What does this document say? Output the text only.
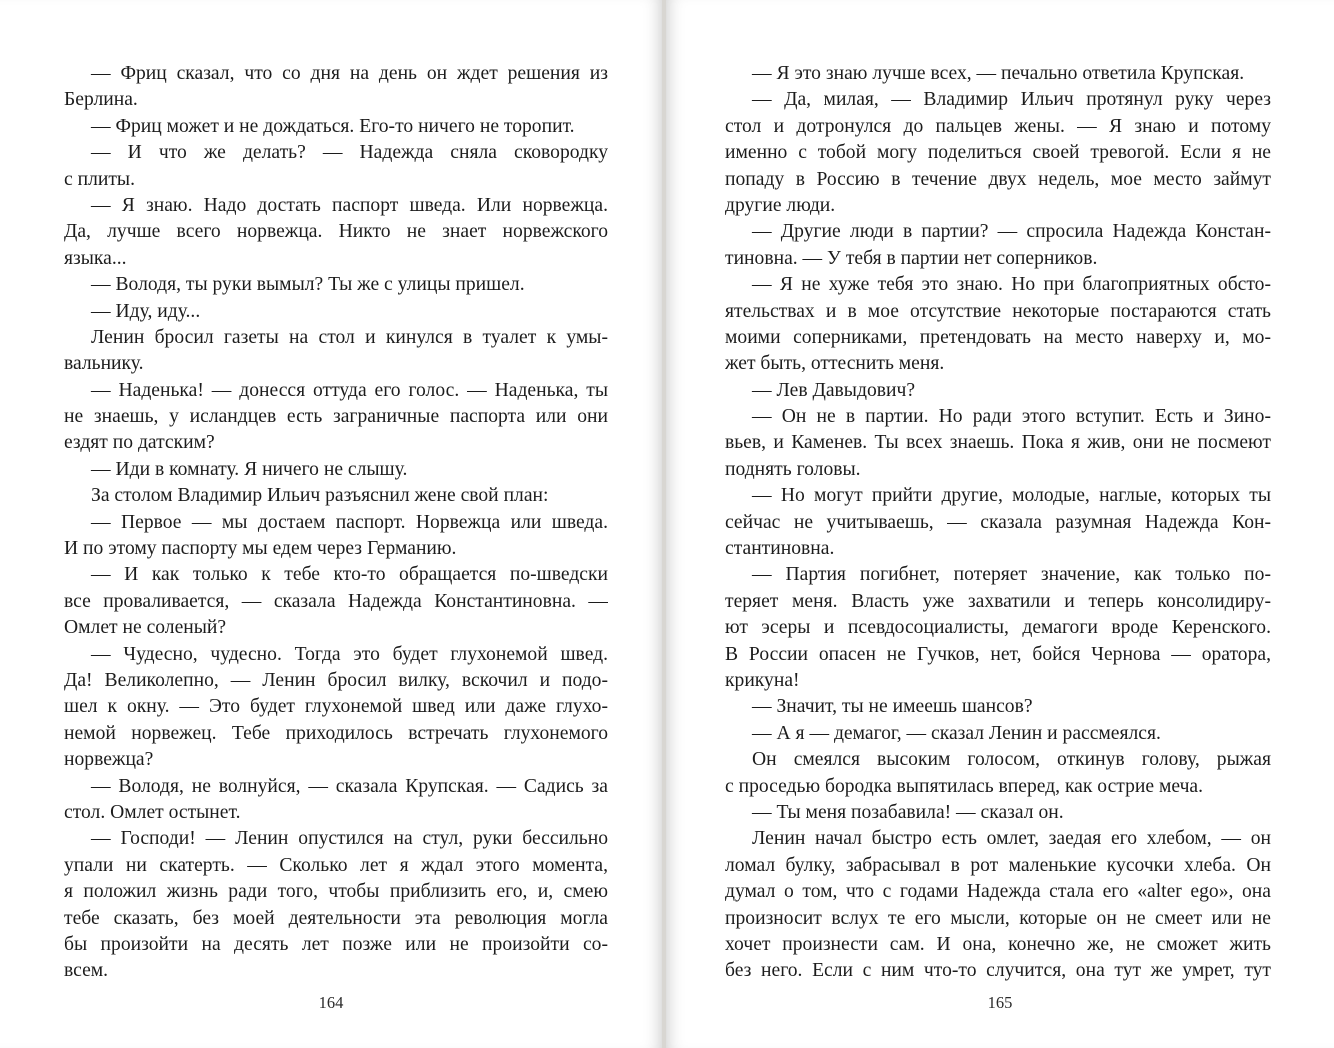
— Фриц сказал, что со дня на день он ждет решения из
Берлина.
— Фриц может и не дождаться. Его-то ничего не торопит.
— И что же делать? — Надежда сняла сковородку
с плиты.
— Я знаю. Надо достать паспорт шведа. Или норвежца.
Да, лучше всего норвежца. Никто не знает норвежского
языка...
— Володя, ты руки вымыл? Ты же с улицы пришел.
— Иду, иду...
Ленин бросил газеты на стол и кинулся в туалет к умы-
вальнику.
— Наденька! — донесся оттуда его голос. — Наденька, ты
не знаешь, у исландцев есть заграничные паспорта или они
ездят по датским?
— Иди в комнату. Я ничего не слышу.
За столом Владимир Ильич разъяснил жене свой план:
— Первое — мы достаем паспорт. Норвежца или шведа.
И по этому паспорту мы едем через Германию.
— И как только к тебе кто-то обращается по-шведски
все проваливается, — сказала Надежда Константиновна. —
Омлет не соленый?
— Чудесно, чудесно. Тогда это будет глухонемой швед.
Да! Великолепно, — Ленин бросил вилку, вскочил и подо-
шел к окну. — Это будет глухонемой швед или даже глухо-
немой норвежец. Тебе приходилось встречать глухонемого
норвежца?
— Володя, не волнуйся, — сказала Крупская. — Садись за
стол. Омлет остынет.
— Господи! — Ленин опустился на стул, руки бессильно
упали ни скатерть. — Сколько лет я ждал этого момента,
я положил жизнь ради того, чтобы приблизить его, и, смею
тебе сказать, без моей деятельности эта революция могла
бы произойти на десять лет позже или не произойти со-
всем.
164
— Я это знаю лучше всех, — печально ответила Крупская.
— Да, милая, — Владимир Ильич протянул руку через
стол и дотронулся до пальцев жены. — Я знаю и потому
именно с тобой могу поделиться своей тревогой. Если я не
попаду в Россию в течение двух недель, мое место займут
другие люди.
— Другие люди в партии? — спросила Надежда Констан-
тиновна. — У тебя в партии нет соперников.
— Я не хуже тебя это знаю. Но при благоприятных обсто-
ятельствах и в мое отсутствие некоторые постараются стать
моими соперниками, претендовать на место наверху и, мо-
жет быть, оттеснить меня.
— Лев Давыдович?
— Он не в партии. Но ради этого вступит. Есть и Зино-
вьев, и Каменев. Ты всех знаешь. Пока я жив, они не посмеют
поднять головы.
— Но могут прийти другие, молодые, наглые, которых ты
сейчас не учитываешь, — сказала разумная Надежда Кон-
стантиновна.
— Партия погибнет, потеряет значение, как только по-
теряет меня. Власть уже захватили и теперь консолидиру-
ют эсеры и псевдосоциалисты, демагоги вроде Керенского.
В России опасен не Гучков, нет, бойся Чернова — оратора,
крикуна!
— Значит, ты не имеешь шансов?
— А я — демагог, — сказал Ленин и рассмеялся.
Он смеялся высоким голосом, откинув голову, рыжая
с проседью бородка выпятилась вперед, как острие меча.
— Ты меня позабавила! — сказал он.
Ленин начал быстро есть омлет, заедая его хлебом, — он
ломал булку, забрасывал в рот маленькие кусочки хлеба. Он
думал о том, что с годами Надежда стала его «alter ego», она
произносит вслух те его мысли, которые он не смеет или не
хочет произнести сам. И она, конечно же, не сможет жить
без него. Если с ним что-то случится, она тут же умрет, тут
165
